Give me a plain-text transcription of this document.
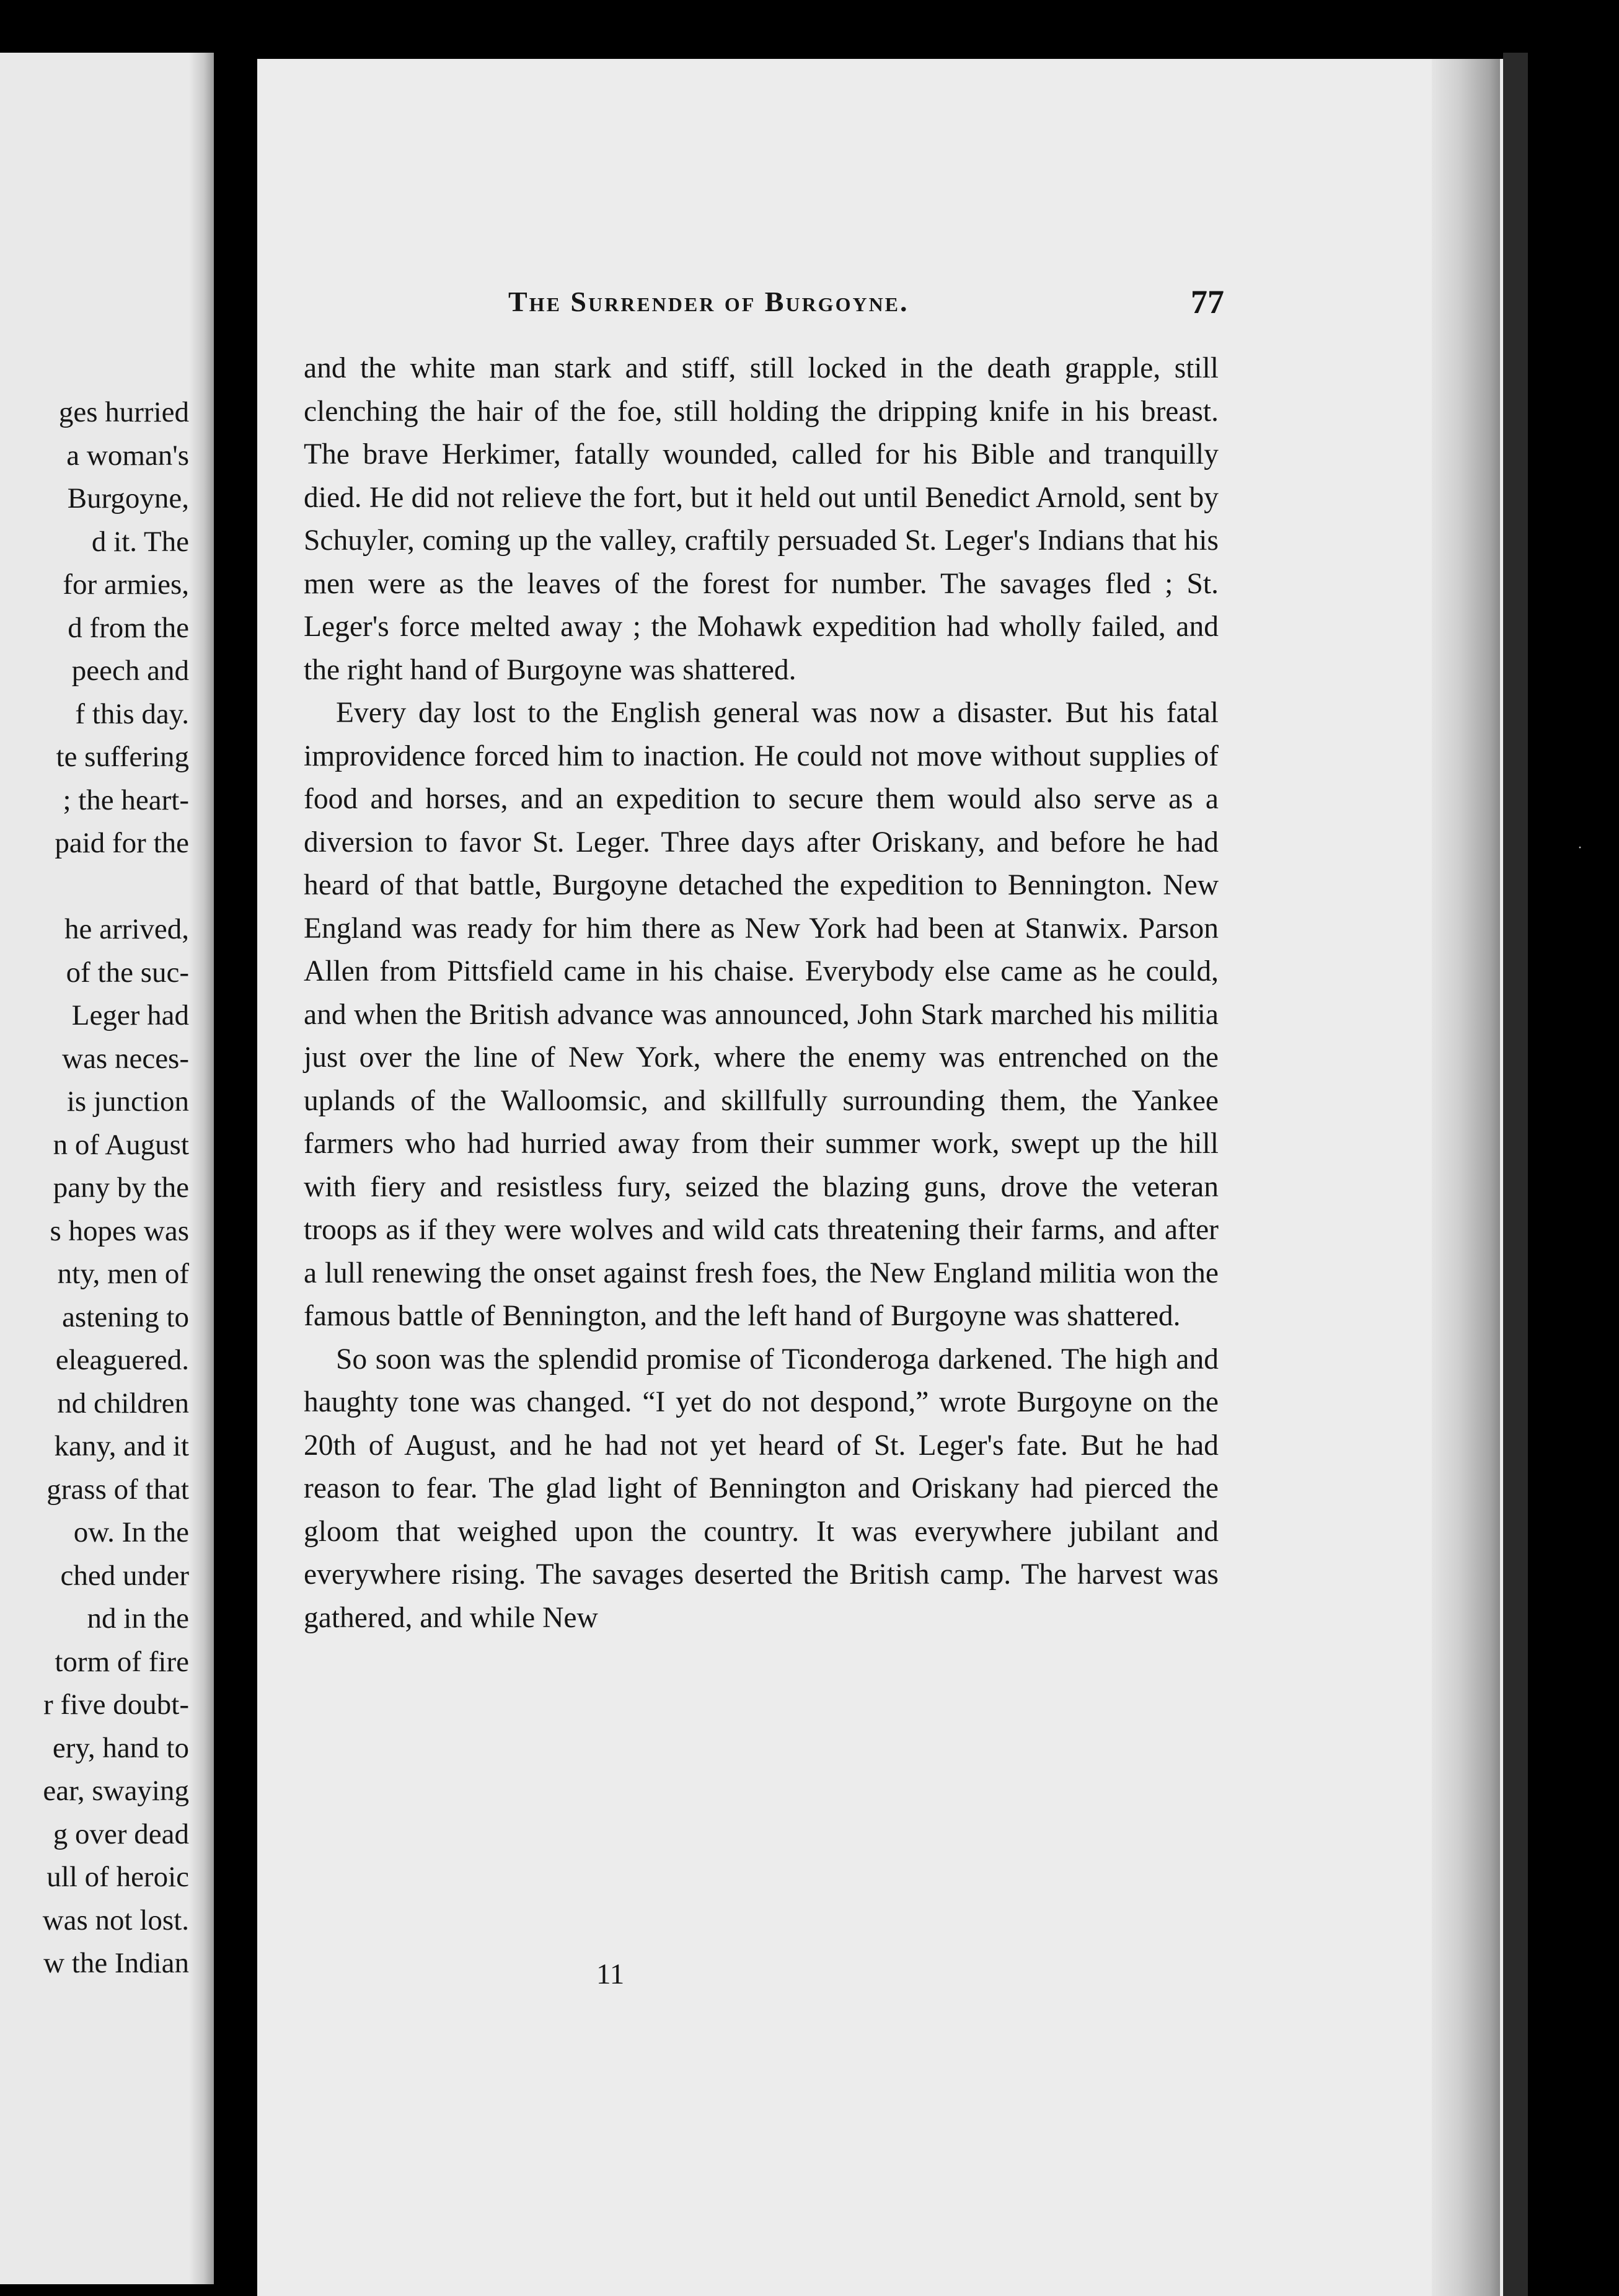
ges hurried
a woman's
Burgoyne,
d it. The
for armies,
d from the
peech and
f this day.
te suffering
; the heart-
paid for the
he arrived,
of the suc-
Leger had
was neces-
is junction
n of August
pany by the
s hopes was
nty, men of
astening to
eleaguered.
nd children
kany, and it
grass of that
ow. In the
ched under
nd in the
torm of fire
r five doubt-
ery, hand to
ear, swaying
g over dead
ull of heroic
was not lost.
w the Indian
·
The Surrender of Burgoyne.	77

and the white man stark and stiff, still locked in the death grapple, still clenching the hair of the foe, still holding the dripping knife in his breast. The brave Herkimer, fatally wounded, called for his Bible and tranquilly died. He did not relieve the fort, but it held out until Benedict Arnold, sent by Schuyler, coming up the valley, craftily persuaded St. Leger's Indians that his men were as the leaves of the forest for number. The savages fled ; St. Leger's force melted away ; the Mohawk expedition had wholly failed, and the right hand of Burgoyne was shattered.

Every day lost to the English general was now a disaster. But his fatal improvidence forced him to inaction. He could not move without supplies of food and horses, and an expedition to secure them would also serve as a diversion to favor St. Leger. Three days after Oriskany, and before he had heard of that battle, Burgoyne detached the expedition to Bennington. New England was ready for him there as New York had been at Stanwix. Parson Allen from Pittsfield came in his chaise. Everybody else came as he could, and when the British advance was announced, John Stark marched his militia just over the line of New York, where the enemy was entrenched on the uplands of the Walloomsic, and skillfully surrounding them, the Yankee farmers who had hurried away from their summer work, swept up the hill with fiery and resistless fury, seized the blazing guns, drove the veteran troops as if they were wolves and wild cats threatening their farms, and after a lull renewing the onset against fresh foes, the New England militia won the famous battle of Bennington, and the left hand of Burgoyne was shattered.

So soon was the splendid promise of Ticonderoga darkened. The high and haughty tone was changed. “I yet do not despond,” wrote Burgoyne on the 20th of August, and he had not yet heard of St. Leger's fate. But he had reason to fear. The glad light of Bennington and Oriskany had pierced the gloom that weighed upon the country. It was everywhere jubilant and everywhere rising. The savages deserted the British camp. The harvest was gathered, and while New

11
